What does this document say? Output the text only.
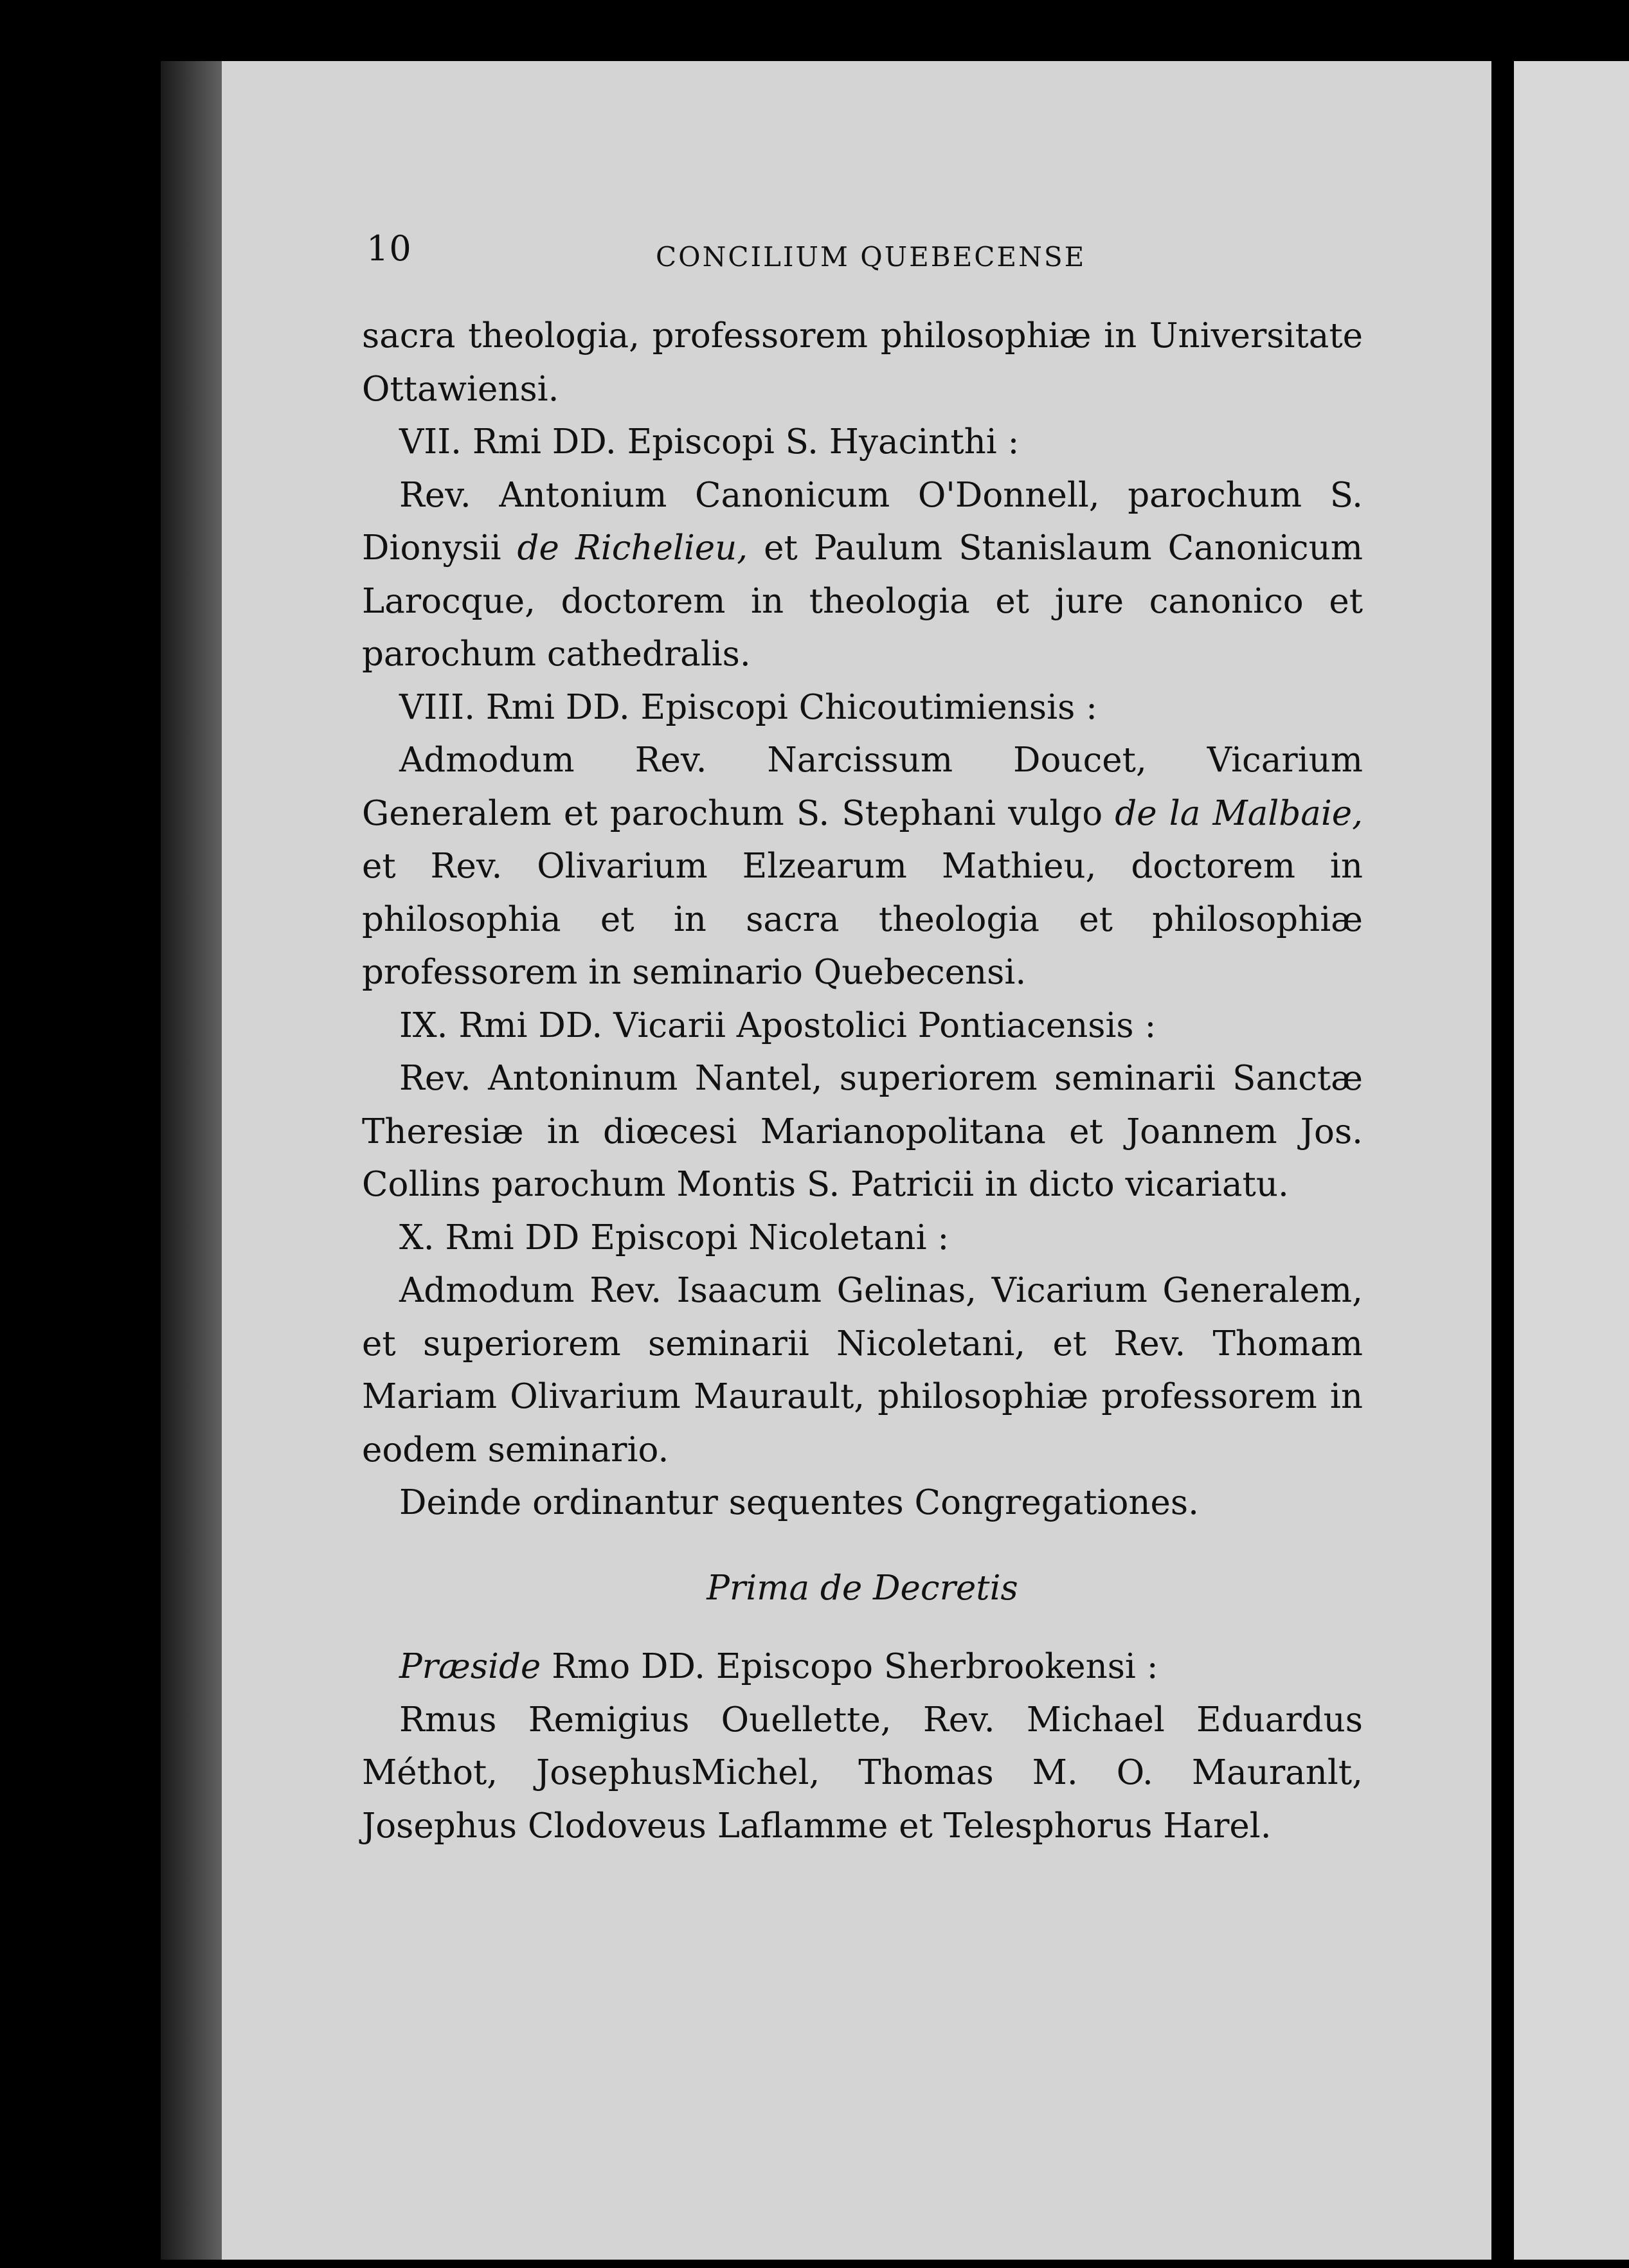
10	CONCILIUM QUEBECENSE

sacra theologia, professorem philosophiæ in Universitate Ottawiensi.

VII. Rmi DD. Episcopi S. Hyacinthi :

Rev. Antonium Canonicum O'Donnell, parochum S. Dionysii de Richelieu, et Paulum Stanislaum Canonicum Larocque, doctorem in theologia et jure canonico et parochum cathedralis.

VIII. Rmi DD. Episcopi Chicoutimiensis :

Admodum Rev. Narcissum Doucet, Vicarium Generalem et parochum S. Stephani vulgo de la Malbaie, et Rev. Olivarium Elzearum Mathieu, doctorem in philosophia et in sacra theologia et philosophiæ professorem in seminario Quebecensi.

IX. Rmi DD. Vicarii Apostolici Pontiacensis :

Rev. Antoninum Nantel, superiorem seminarii Sanctæ Theresiæ in diœcesi Marianopolitana et Joannem Jos. Collins parochum Montis S. Patricii in dicto vicariatu.

X. Rmi DD Episcopi Nicoletani :

Admodum Rev. Isaacum Gelinas, Vicarium Generalem, et superiorem seminarii Nicoletani, et Rev. Thomam Mariam Olivarium Maurault, philosophiæ professorem in eodem seminario.

Deinde ordinantur sequentes Congregationes.

Prima de Decretis

Præside Rmo DD. Episcopo Sherbrookensi :

Rmus Remigius Ouellette, Rev. Michael Eduardus Méthot, JosephusMichel, Thomas M. O. Mauranlt, Josephus Clodoveus Laflamme et Telesphorus Harel.
